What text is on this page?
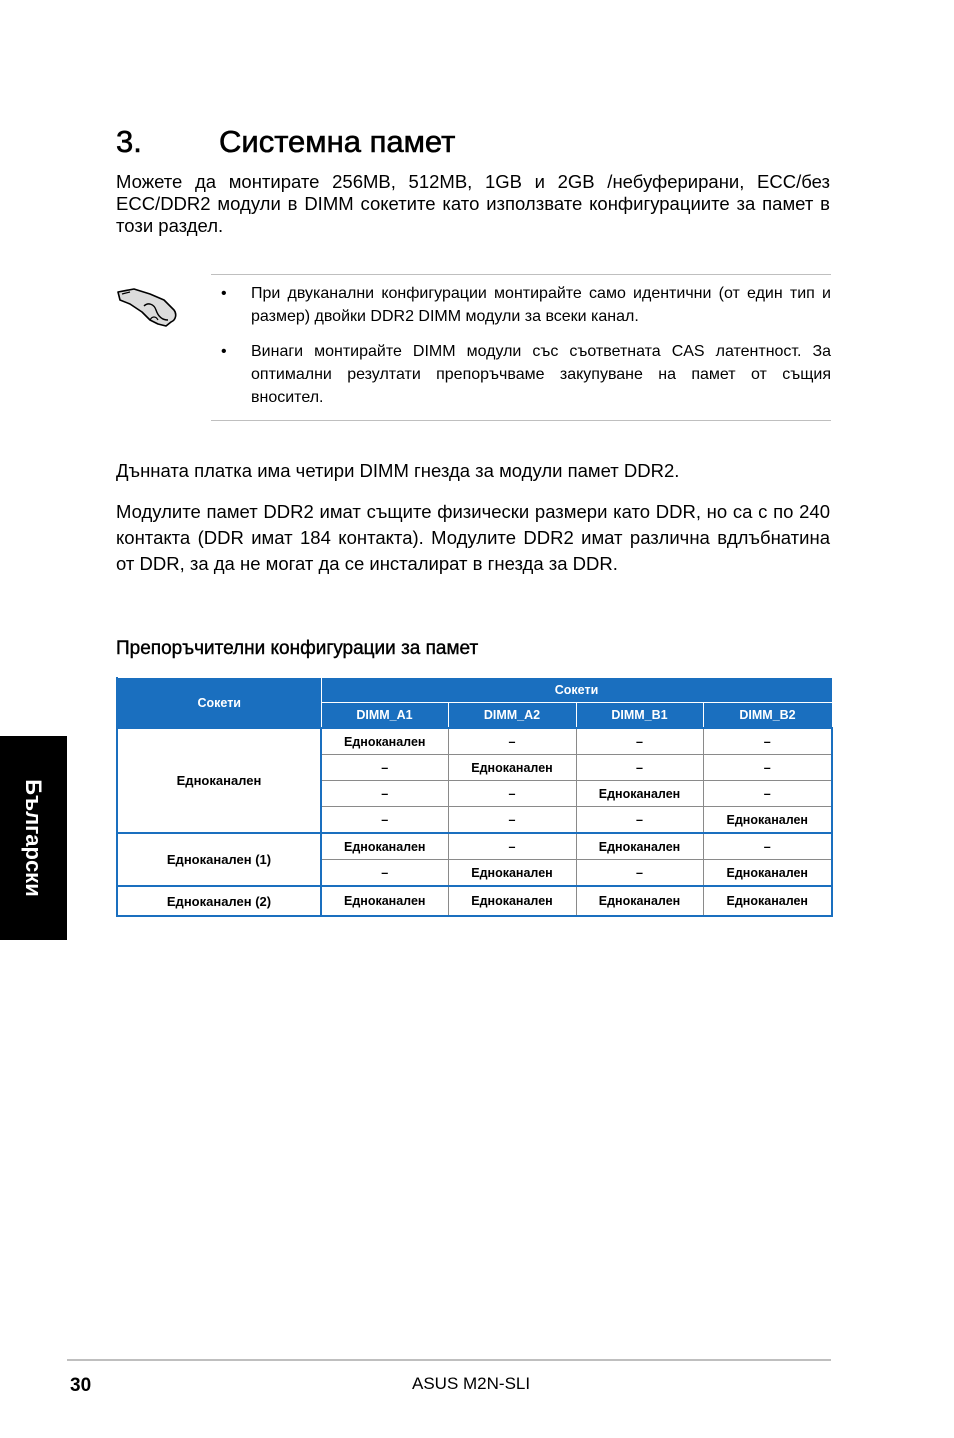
3. Системна памет

Можете да монтирате 256MB, 512MB, 1GB и 2GB /небуферирани, ECC/без ECC/DDR2 модули в DIMM сокетите като използвате конфигурациите за памет в този раздел.

• При двуканални конфигурации монтирайте само идентични (от един тип и размер) двойки DDR2 DIMM модули за всеки канал.
• Винаги монтирайте DIMM модули със съответната CAS латентност. За оптимални резултати препоръчваме закупуване на памет от същия вносител.

Дънната платка има четири DIMM гнезда за модули памет DDR2.

Модулите памет DDR2 имат същите физически размери като DDR, но са с по 240 контакта (DDR имат 184 контакта). Модулите DDR2 имат различна вдлъбнатина от DDR, за да не могат да се инсталират в гнезда за DDR.

Препоръчителни конфигурации за памет
Сокети	Сокети			
	DIMM_A1	DIMM_A2	DIMM_B1	DIMM_B2
Едноканален	Едноканален	–	–	–
	–	Едноканален	–	–
	–	–	Едноканален	–
	–	–	–	Едноканален
Едноканален (1)	Едноканален	–	Едноканален	–
	–	Едноканален	–	Едноканален
Едноканален (2)	Едноканален	Едноканален	Едноканален	Едноканален
Български
30	ASUS M2N-SLI
